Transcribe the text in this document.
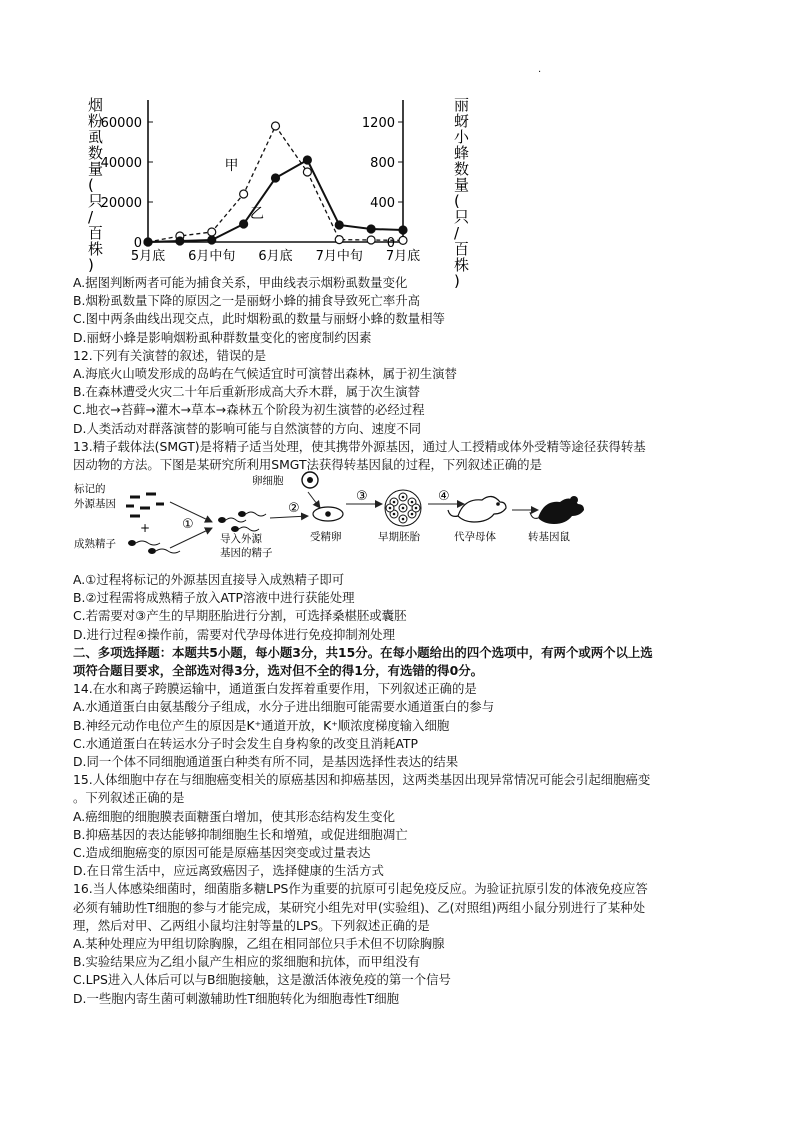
.
烟粉虱数量(只/百株)
丽蚜小蜂数量(只/百株)
60000
40000
20000
0
1200
800
400
0
5月底 6月中旬 6月底 7月中旬 7月底
甲
乙
A.据图判断两者可能为捕食关系，甲曲线表示烟粉虱数量变化
B.烟粉虱数量下降的原因之一是丽蚜小蜂的捕食导致死亡率升高
C.图中两条曲线出现交点，此时烟粉虱的数量与丽蚜小蜂的数量相等
D.丽蚜小蜂是影响烟粉虱种群数量变化的密度制约因素
12.下列有关演替的叙述，错误的是
A.海底火山喷发形成的岛屿在气候适宜时可演替出森林，属于初生演替
B.在森林遭受火灾二十年后重新形成高大乔木群，属于次生演替
C.地衣→苔藓→灌木→草本→森林五个阶段为初生演替的必经过程
D.人类活动对群落演替的影响可能与自然演替的方向、速度不同
13.精子载体法(SMGT)是将精子适当处理，使其携带外源基因，通过人工授精或体外受精等途径获得转基
因动物的方法。下图是某研究所利用SMGT法获得转基因鼠的过程，下列叙述正确的是
标记的
外源基因
+
成熟精子
①
导入外源
基因的精子
卵细胞
②
受精卵
③
早期胚胎
④
代孕母体	转基因鼠
A.①过程将标记的外源基因直接导入成熟精子即可
B.②过程需将成熟精子放入ATP溶液中进行获能处理
C.若需要对③产生的早期胚胎进行分割，可选择桑椹胚或囊胚
D.进行过程④操作前，需要对代孕母体进行免疫抑制剂处理
二、多项选择题：本题共5小题，每小题3分，共15分。在每小题给出的四个选项中，有两个或两个以上选
项符合题目要求，全部选对得3分，选对但不全的得1分，有选错的得0分。
14.在水和离子跨膜运输中，通道蛋白发挥着重要作用，下列叙述正确的是
A.水通道蛋白由氨基酸分子组成，水分子进出细胞可能需要水通道蛋白的参与
B.神经元动作电位产生的原因是K⁺通道开放，K⁺顺浓度梯度输入细胞
C.水通道蛋白在转运水分子时会发生自身构象的改变且消耗ATP
D.同一个体不同细胞通道蛋白种类有所不同，是基因选择性表达的结果
15.人体细胞中存在与细胞癌变相关的原癌基因和抑癌基因，这两类基因出现异常情况可能会引起细胞癌变
。下列叙述正确的是
A.癌细胞的细胞膜表面糖蛋白增加，使其形态结构发生变化
B.抑癌基因的表达能够抑制细胞生长和增殖，或促进细胞凋亡
C.造成细胞癌变的原因可能是原癌基因突变或过量表达
D.在日常生活中，应远离致癌因子，选择健康的生活方式
16.当人体感染细菌时，细菌脂多糖LPS作为重要的抗原可引起免疫反应。为验证抗原引发的体液免疫应答
必须有辅助性T细胞的参与才能完成，某研究小组先对甲(实验组)、乙(对照组)两组小鼠分别进行了某种处
理，然后对甲、乙两组小鼠均注射等量的LPS。下列叙述正确的是
A.某种处理应为甲组切除胸腺，乙组在相同部位只手术但不切除胸腺
B.实验结果应为乙组小鼠产生相应的浆细胞和抗体，而甲组没有
C.LPS进入人体后可以与B细胞接触，这是激活体液免疫的第一个信号
D.一些胞内寄生菌可刺激辅助性T细胞转化为细胞毒性T细胞
